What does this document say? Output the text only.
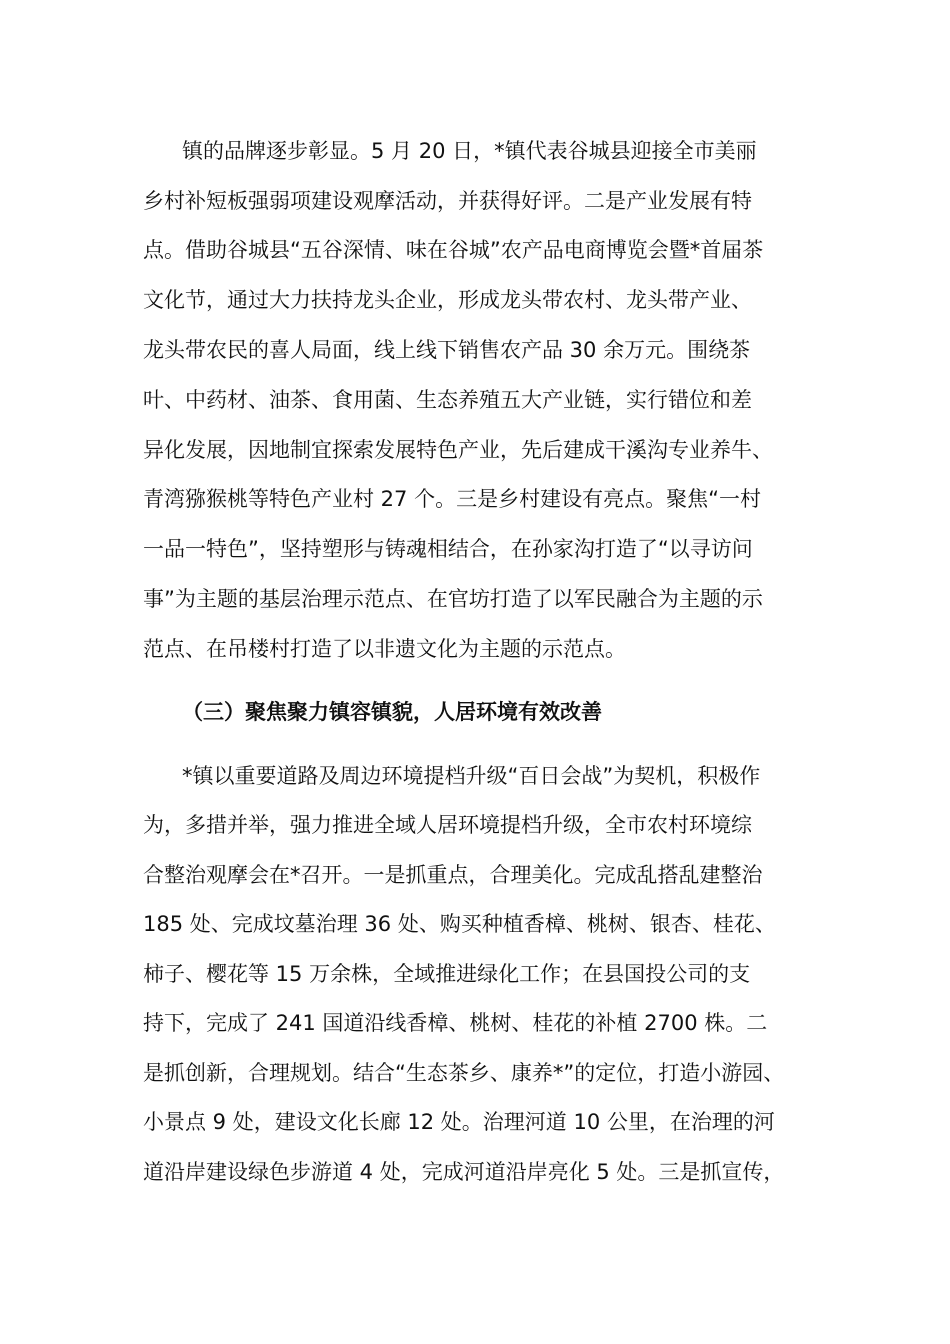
镇的品牌逐步彰显。5 月 20 日，*镇代表谷城县迎接全市美丽
乡村补短板强弱项建设观摩活动，并获得好评。二是产业发展有特
点。借助谷城县“五谷深情、味在谷城”农产品电商博览会暨*首届茶
文化节，通过大力扶持龙头企业，形成龙头带农村、龙头带产业、
龙头带农民的喜人局面，线上线下销售农产品 30 余万元。围绕茶
叶、中药材、油茶、食用菌、生态养殖五大产业链，实行错位和差
异化发展，因地制宜探索发展特色产业，先后建成干溪沟专业养牛、
青湾猕猴桃等特色产业村 27 个。三是乡村建设有亮点。聚焦“一村
一品一特色”，坚持塑形与铸魂相结合，在孙家沟打造了“以寻访问
事”为主题的基层治理示范点、在官坊打造了以军民融合为主题的示
范点、在吊楼村打造了以非遗文化为主题的示范点。
（三）聚焦聚力镇容镇貌，人居环境有效改善
*镇以重要道路及周边环境提档升级“百日会战”为契机，积极作
为，多措并举，强力推进全域人居环境提档升级，全市农村环境综
合整治观摩会在*召开。一是抓重点，合理美化。完成乱搭乱建整治
185 处、完成坟墓治理 36 处、购买种植香樟、桃树、银杏、桂花、
柿子、樱花等 15 万余株，全域推进绿化工作；在县国投公司的支
持下，完成了 241 国道沿线香樟、桃树、桂花的补植 2700 株。二
是抓创新，合理规划。结合“生态茶乡、康养*”的定位，打造小游园、
小景点 9 处，建设文化长廊 12 处。治理河道 10 公里，在治理的河
道沿岸建设绿色步游道 4 处，完成河道沿岸亮化 5 处。三是抓宣传，
